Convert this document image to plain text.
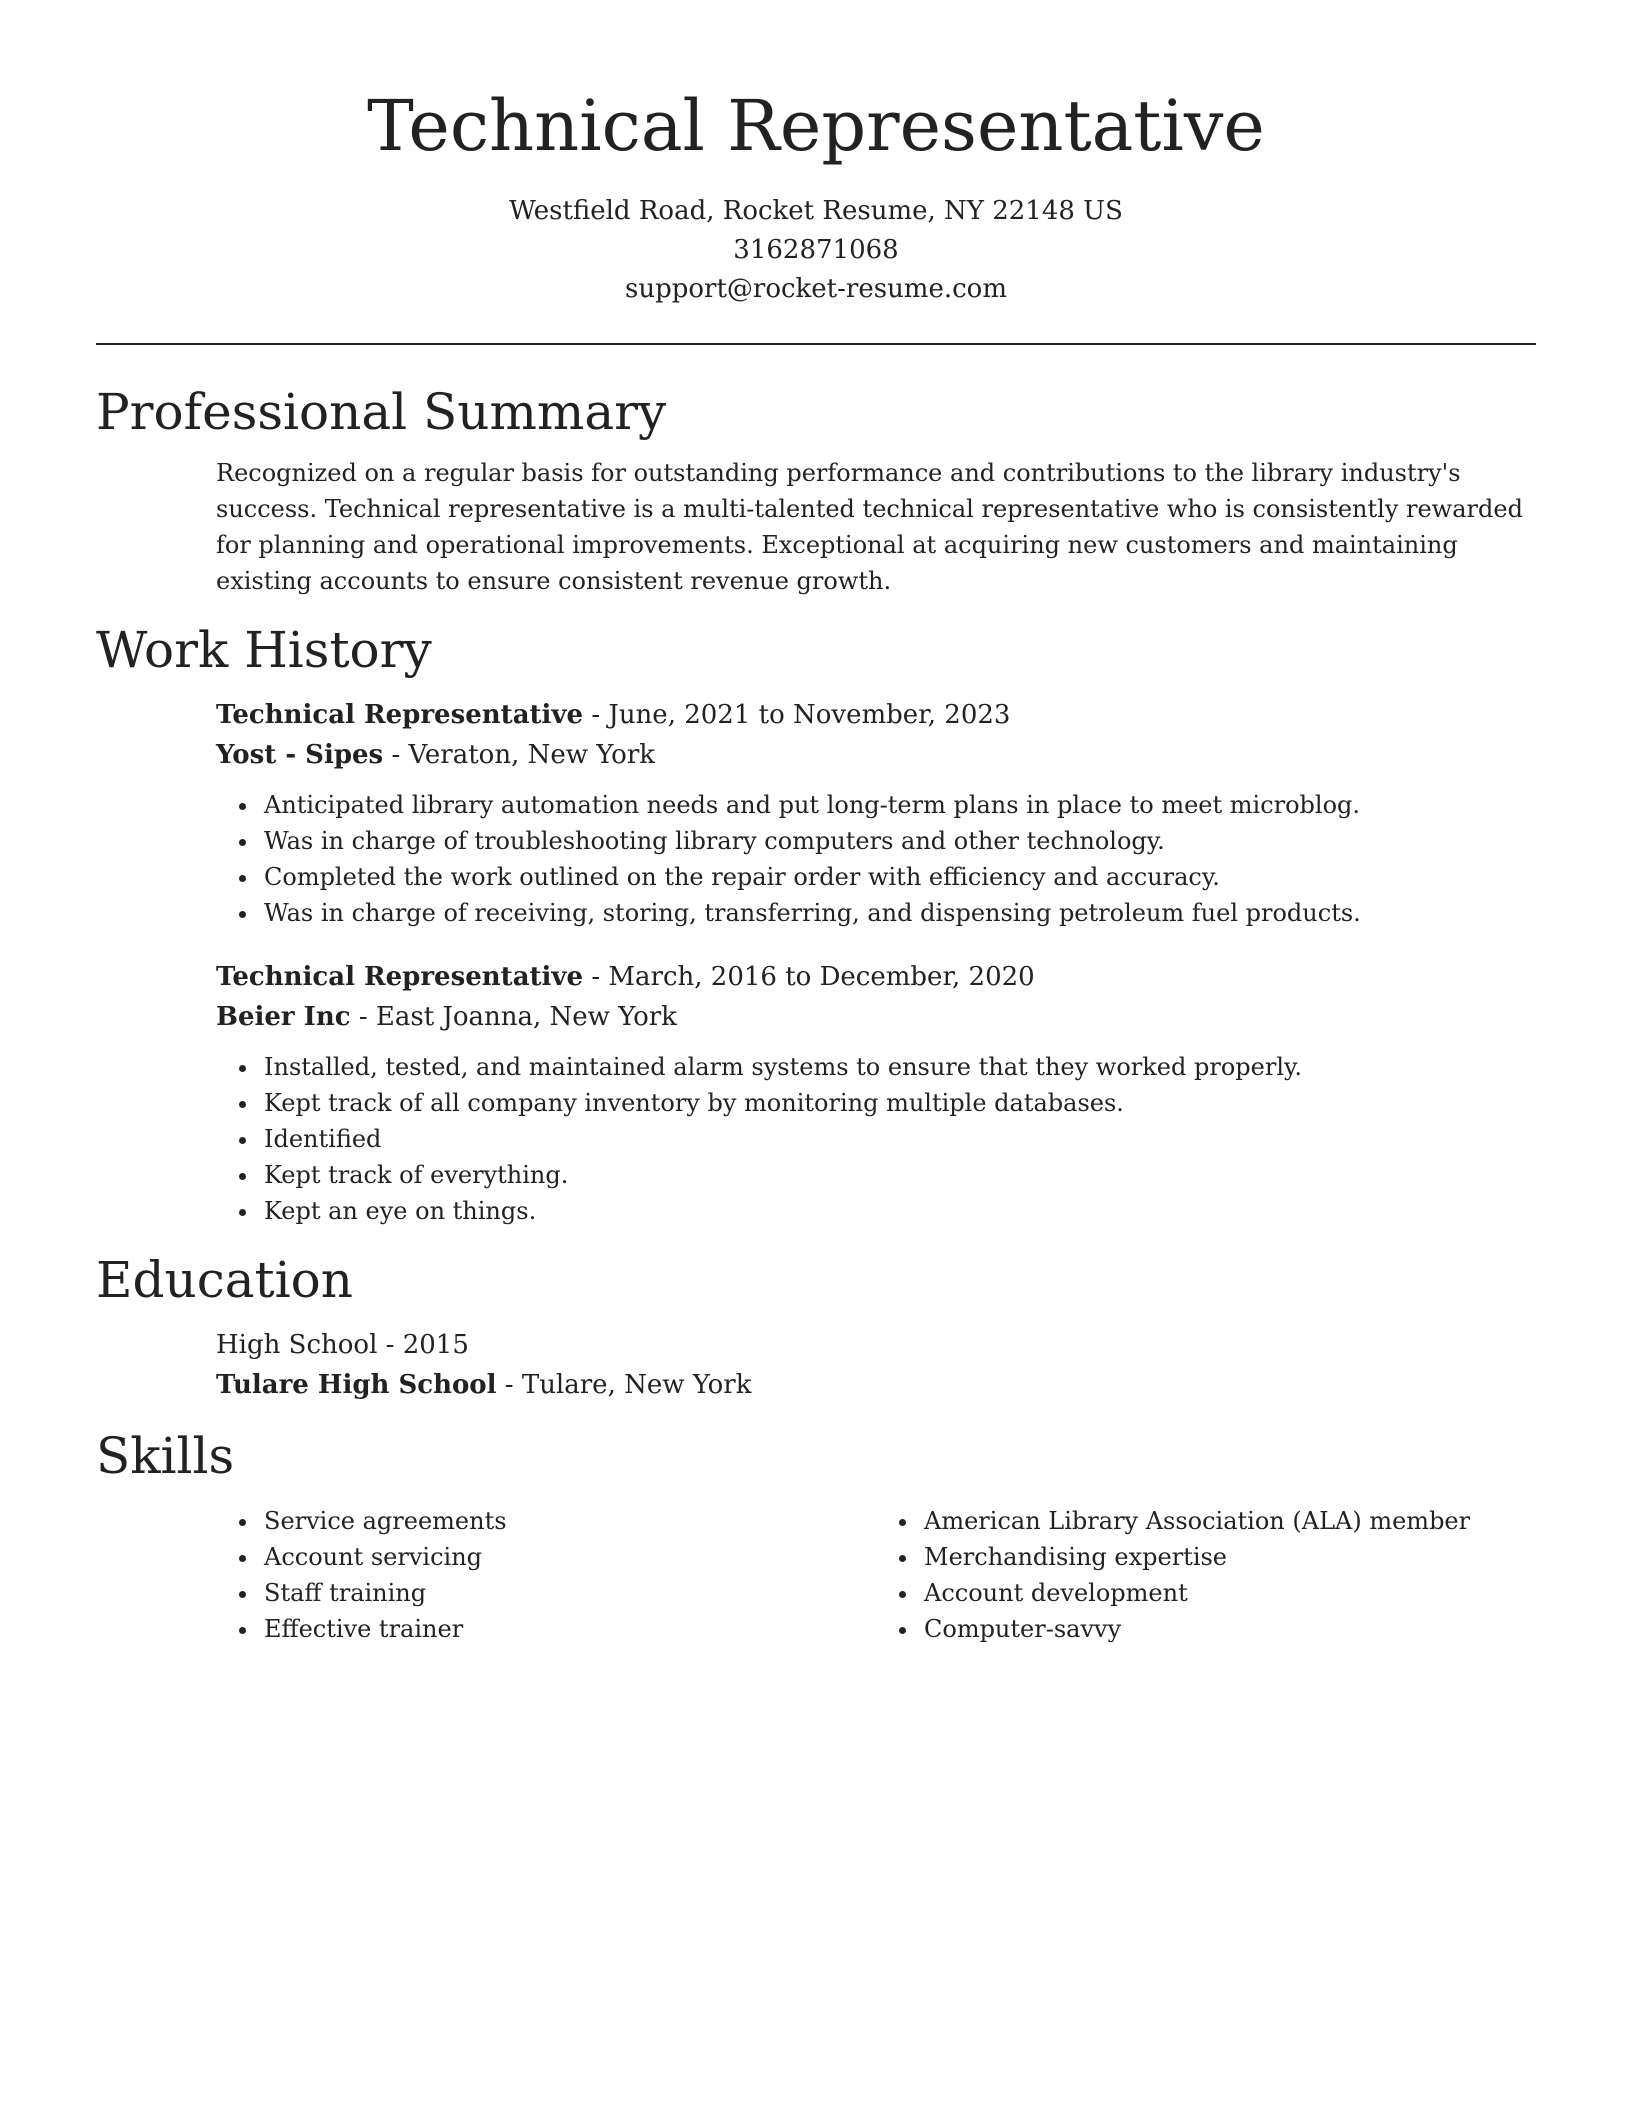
Technical Representative
Westfield Road, Rocket Resume, NY 22148 US
3162871068
support@rocket-resume.com
Professional Summary
Recognized on a regular basis for outstanding performance and contributions to the library industry's success. Technical representative is a multi-talented technical representative who is consistently rewarded for planning and operational improvements. Exceptional at acquiring new customers and maintaining existing accounts to ensure consistent revenue growth.
Work History
Technical Representative - June, 2021 to November, 2023
Yost - Sipes - Veraton, New York
• Anticipated library automation needs and put long-term plans in place to meet microblog.
• Was in charge of troubleshooting library computers and other technology.
• Completed the work outlined on the repair order with efficiency and accuracy.
• Was in charge of receiving, storing, transferring, and dispensing petroleum fuel products.
Technical Representative - March, 2016 to December, 2020
Beier Inc - East Joanna, New York
• Installed, tested, and maintained alarm systems to ensure that they worked properly.
• Kept track of all company inventory by monitoring multiple databases.
• Identified
• Kept track of everything.
• Kept an eye on things.
Education
High School - 2015
Tulare High School - Tulare, New York
Skills
• Service agreements
• Account servicing
• Staff training
• Effective trainer
• American Library Association (ALA) member
• Merchandising expertise
• Account development
• Computer-savvy
